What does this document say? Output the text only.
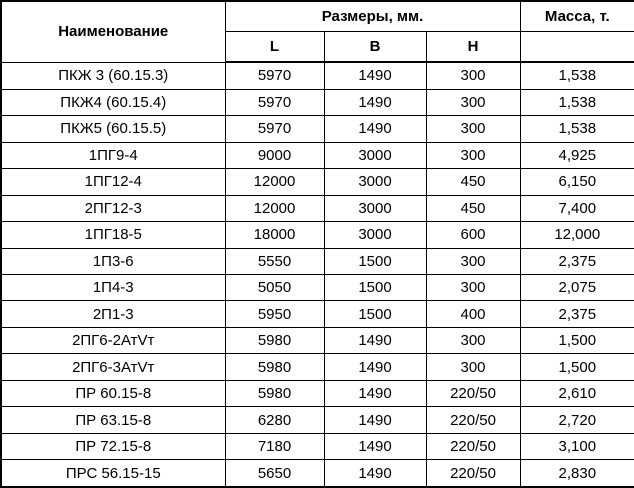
Наименование	Размеры, мм.			Масса, т.
	L	B	H	
ПКЖ 3 (60.15.3)	5970	1490	300	1,538
ПКЖ4 (60.15.4)	5970	1490	300	1,538
ПКЖ5 (60.15.5)	5970	1490	300	1,538
1ПГ9-4	9000	3000	300	4,925
1ПГ12-4	12000	3000	450	6,150
2ПГ12-3	12000	3000	450	7,400
1ПГ18-5	18000	3000	600	12,000
1П3-6	5550	1500	300	2,375
1П4-3	5050	1500	300	2,075
2П1-3	5950	1500	400	2,375
2ПГ6-2АтVт	5980	1490	300	1,500
2ПГ6-3АтVт	5980	1490	300	1,500
ПР 60.15-8	5980	1490	220/50	2,610
ПР 63.15-8	6280	1490	220/50	2,720
ПР 72.15-8	7180	1490	220/50	3,100
ПРС 56.15-15	5650	1490	220/50	2,830
